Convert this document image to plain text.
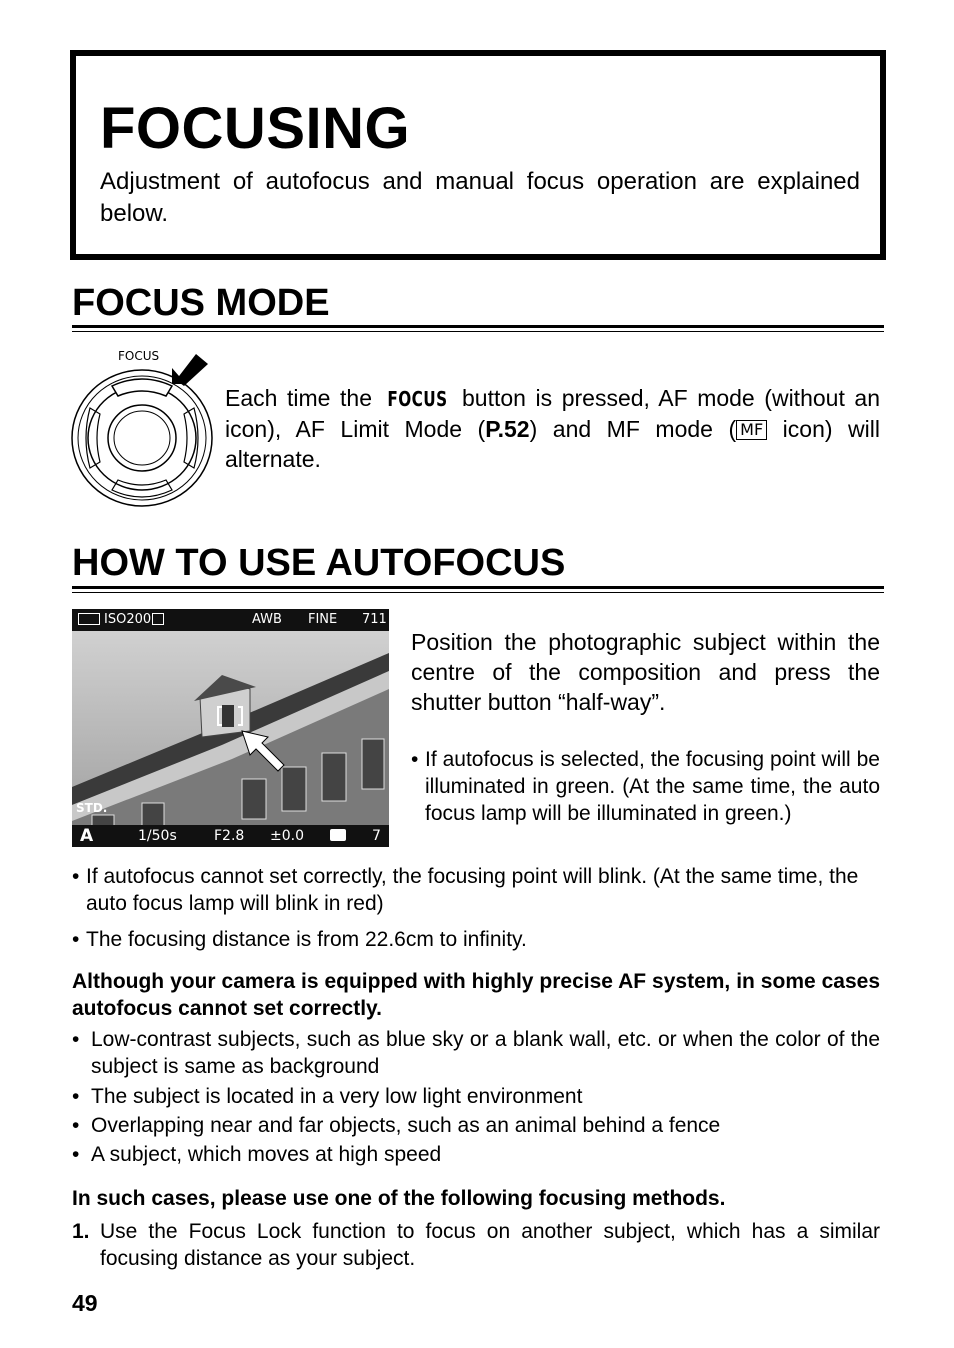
FOCUSING

Adjustment of autofocus and manual focus operation are explained below.

FOCUS MODE
FOCUS

Each time the FOCUS button is pressed, AF mode (without an icon), AF Limit Mode (P.52) and MF mode ( MF icon) will alternate.

HOW TO USE AUTOFOCUS
ISO200	AWB FINE 711
STD.
A	1/50s	F2.8 ±0.0	7

Position the photographic subject within the centre of the composition and press the shutter button “half-way”.

• If autofocus is selected, the focusing point will be illuminated in green. (At the same time, the auto focus lamp will be illuminated in green.)

• If autofocus cannot set correctly, the focusing point will blink. (At the same time, the auto focus lamp will blink in red)

• The focusing distance is from 22.6cm to infinity.

Although your camera is equipped with highly precise AF system, in some cases autofocus cannot set correctly.

• Low-contrast subjects, such as blue sky or a blank wall, etc. or when the color of the subject is same as background

• The subject is located in a very low light environment

• Overlapping near and far objects, such as an animal behind a fence

• A subject, which moves at high speed

In such cases, please use one of the following focusing methods.

1. Use the Focus Lock function to focus on another subject, which has a similar focusing distance as your subject.

49
